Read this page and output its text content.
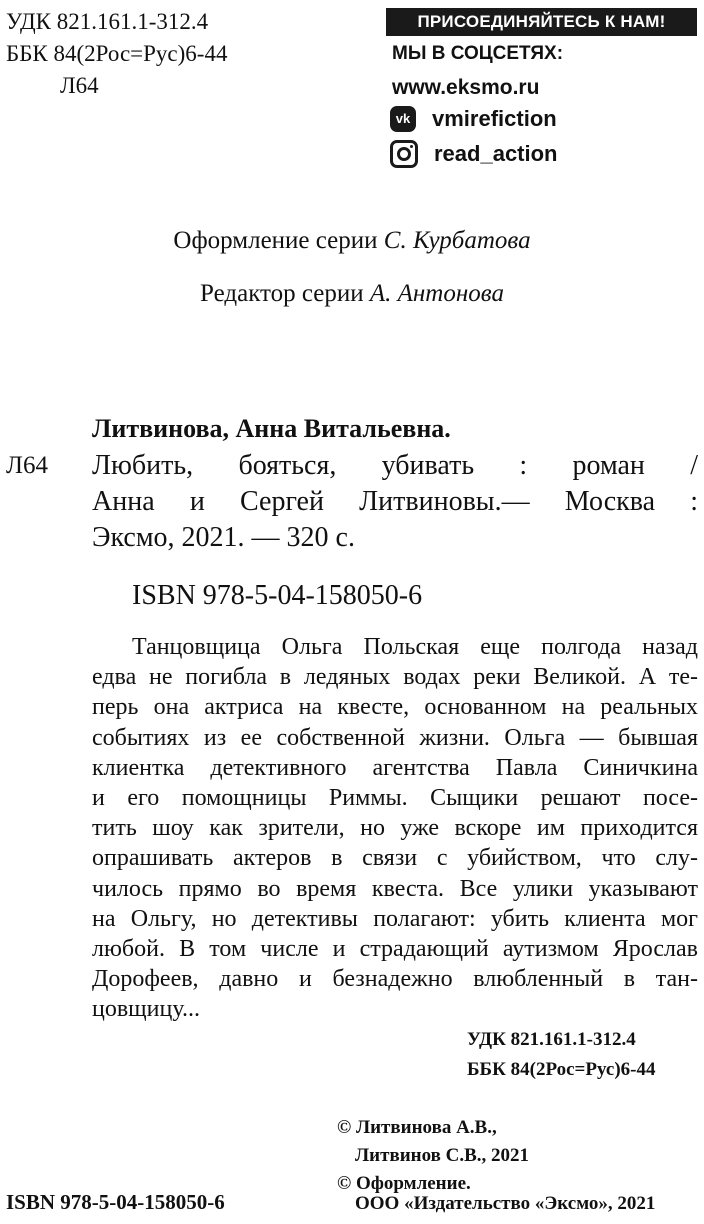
УДК 821.161.1-312.4
ББК 84(2Рос=Рус)6-44
Л64
ПРИСОЕДИНЯЙТЕСЬ К НАМ!
МЫ В СОЦСЕТЯХ:
www.eksmo.ru
vk vmirefiction
read_action
Оформление серии С. Курбатова
Редактор серии А. Антонова
Литвинова, Анна Витальевна.
Л64 Любить, бояться, убивать : роман /
Анна и Сергей Литвиновы.— Москва :
Эксмо, 2021. — 320 с.
ISBN 978-5-04-158050-6
Танцовщица Ольга Польская еще полгода назад
едва не погибла в ледяных водах реки Великой. А те-
перь она актриса на квесте, основанном на реальных
событиях из ее собственной жизни. Ольга — бывшая
клиентка детективного агентства Павла Синичкина
и его помощницы Риммы. Сыщики решают посе-
тить шоу как зрители, но уже вскоре им приходится
опрашивать актеров в связи с убийством, что слу-
чилось прямо во время квеста. Все улики указывают
на Ольгу, но детективы полагают: убить клиента мог
любой. В том числе и страдающий аутизмом Ярослав
Дорофеев, давно и безнадежно влюбленный в тан-
цовщицу...
УДК 821.161.1-312.4
ББК 84(2Рос=Рус)6-44
© Литвинова А.В.,
Литвинов С.В., 2021
© Оформление.
ISBN 978-5-04-158050-6	ООО «Издательство «Эксмо», 2021
